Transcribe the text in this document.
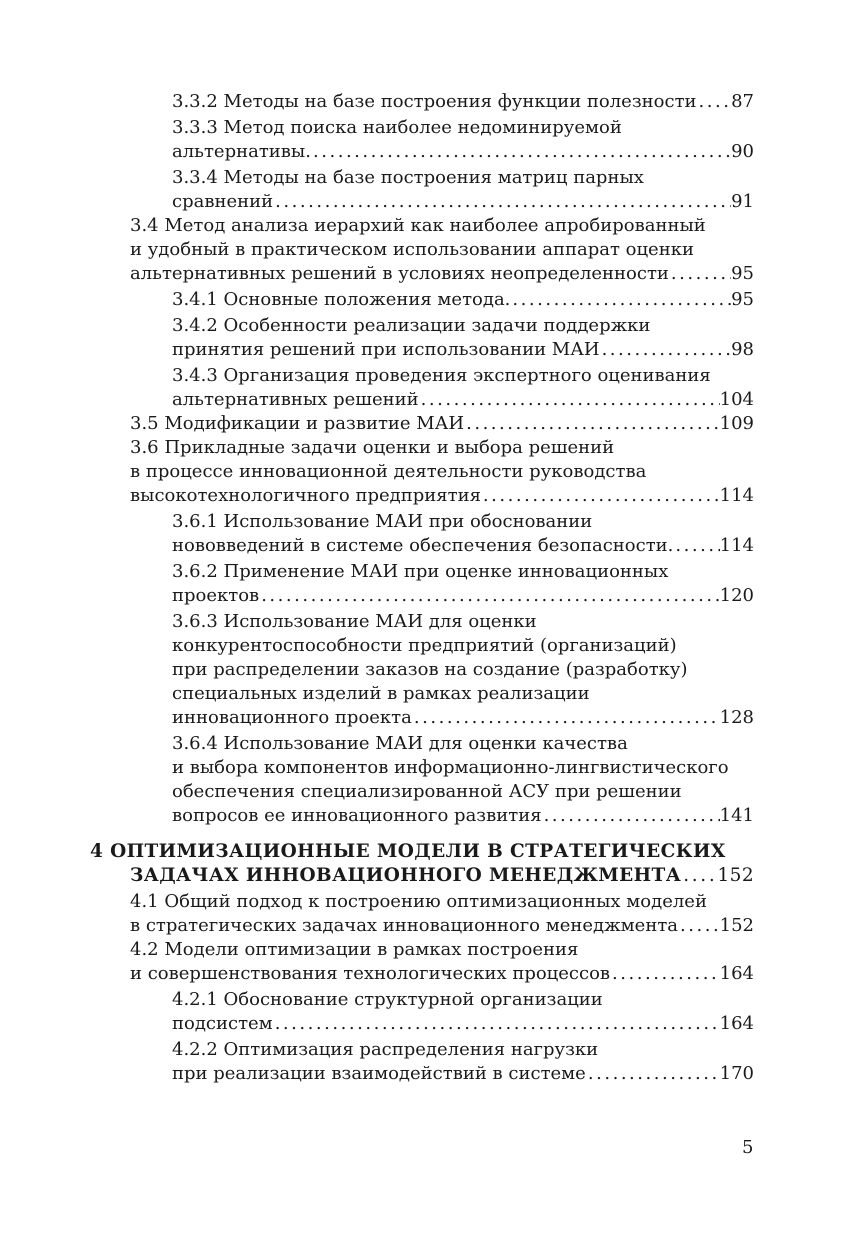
3.3.2 Методы на базе построения функции полезности . . . 87
3.3.3 Метод поиска наиболее недоминируемой
альтернативы. . . .	90
3.3.4 Методы на базе построения матриц парных
сравнений . . .	91
3.4 Метод анализа иерархий как наиболее апробированный
и удобный в практическом использовании аппарат оценки
альтернативных решений в условиях неопределенности . . .	95
3.4.1 Основные положения метода. . . .	95
3.4.2 Особенности реализации задачи поддержки
принятия решений при использовании МАИ . . .	98
3.4.3 Организация проведения экспертного оценивания
альтернативных решений . . .	104
3.5 Модификации и развитие МАИ . . .	109
3.6 Прикладные задачи оценки и выбора решений
в процессе инновационной деятельности руководства
высокотехнологичного предприятия . . .	114
3.6.1 Использование МАИ при обосновании
нововведений в системе обеспечения безопасности. . . .	114
3.6.2 Применение МАИ при оценке инновационных
проектов . . .	120
3.6.3 Использование МАИ для оценки
конкурентоспособности предприятий (организаций)
при распределении заказов на создание (разработку)
специальных изделий в рамках реализации
инновационного проекта . . .	128
3.6.4 Использование МАИ для оценки качества
и выбора компонентов информационно-лингвистического
обеспечения специализированной АСУ при решении
вопросов ее инновационного развития . . .	141
4 ОПТИМИЗАЦИОННЫЕ МОДЕЛИ В СТРАТЕГИЧЕСКИХ
ЗАДАЧАХ ИННОВАЦИОННОГО МЕНЕДЖМЕНТА . . . 152
4.1 Общий подход к построению оптимизационных моделей
в стратегических задачах инновационного менеджмента . . . 152
4.2 Модели оптимизации в рамках построения
и совершенствования технологических процессов . . .	164
4.2.1 Обоснование структурной организации
подсистем . . .	164
4.2.2 Оптимизация распределения нагрузки
при реализации взаимодействий в системе . . .	170
5
